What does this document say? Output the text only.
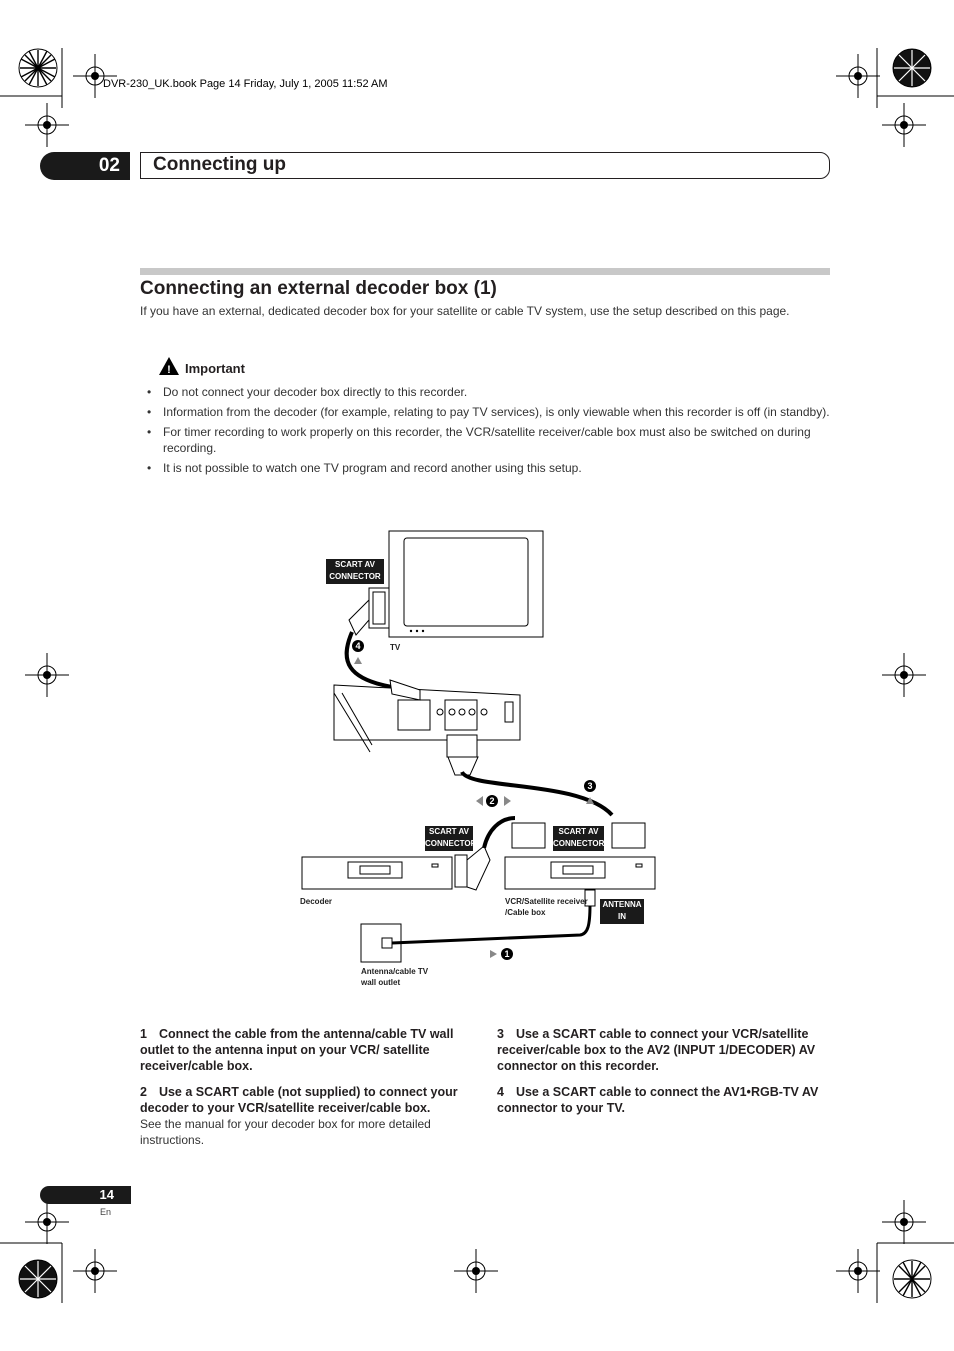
DVR-230_UK.book Page 14 Friday, July 1, 2005 11:52 AM
02	Connecting up
Connecting an external decoder box (1)
If you have an external, dedicated decoder box for your satellite or cable TV system, use the setup described on this page.
! Important
• Do not connect your decoder box directly to this recorder.
• Information from the decoder (for example, relating to pay TV services), is only viewable when this recorder is off (in standby).
• For timer recording to work properly on this recorder, the VCR/satellite receiver/cable box must also be switched on during recording.
• It is not possible to watch one TV program and record another using this setup.
4
2
3
1
SCART AV
CONNECTOR
SCART AV
CONNECTOR
SCART AV
CONNECTOR
ANTENNA
IN
TV
Decoder	VCR/Satellite receiver
/Cable box
Antenna/cable TV
wall outlet
1 Connect the cable from the antenna/cable TV wall outlet to the antenna input on your VCR/ satellite receiver/cable box.
2 Use a SCART cable (not supplied) to connect your decoder to your VCR/satellite receiver/cable box.
See the manual for your decoder box for more detailed instructions.
3 Use a SCART cable to connect your VCR/satellite receiver/cable box to the AV2 (INPUT 1/DECODER) AV connector on this recorder.
4 Use a SCART cable to connect the AV1•RGB-TV AV connector to your TV.
14
En
